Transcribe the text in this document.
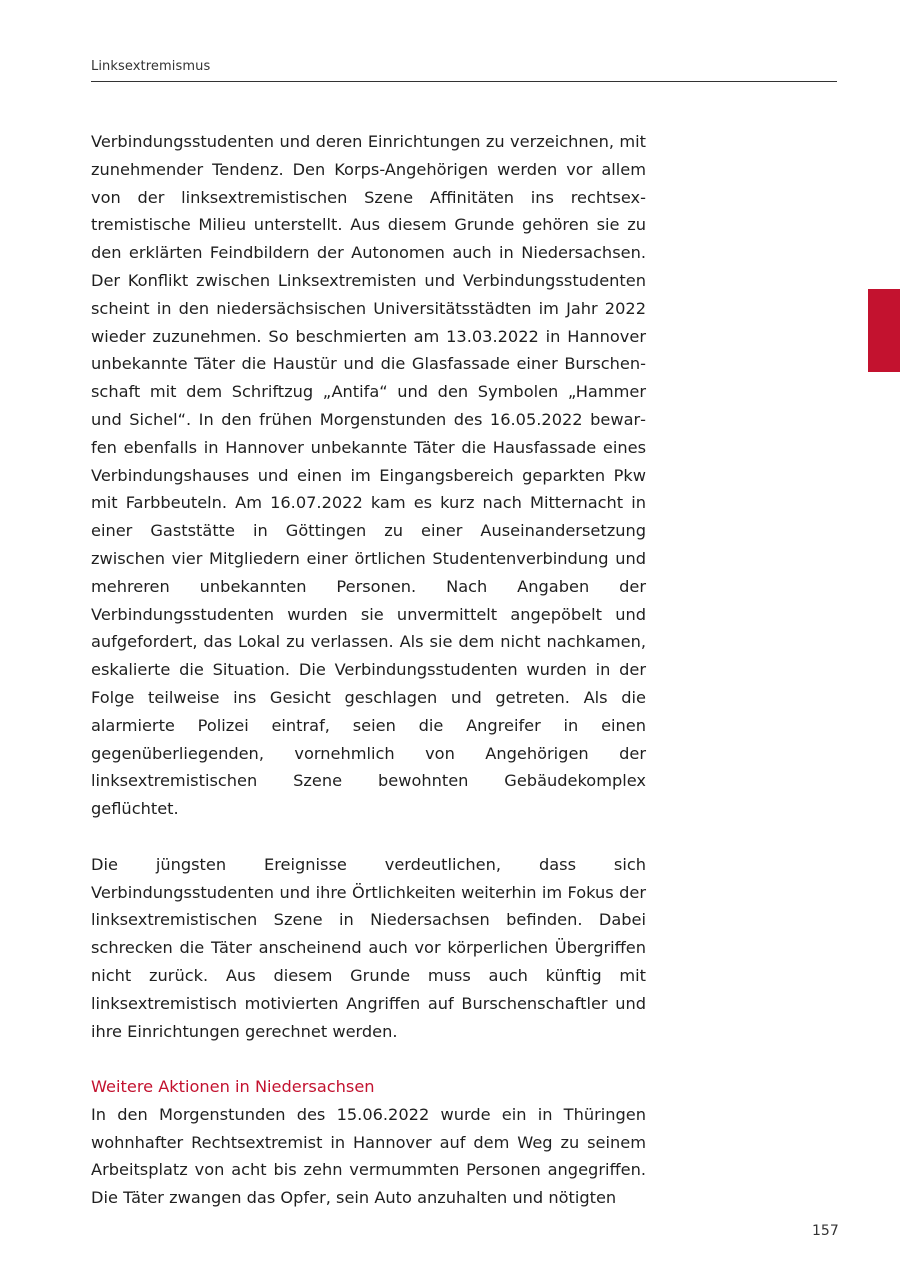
Linksextremismus

Verbindungsstudenten und deren Einrichtungen zu verzeichnen, mit zunehmender Tendenz. Den Korps-Angehörigen werden vor allem von der linksextremistischen Szene Affinitäten ins rechtsextremistische Milieu unterstellt. Aus diesem Grunde gehören sie zu den erklärten Feindbildern der Autonomen auch in Niedersachsen. Der Konflikt zwischen Linksextremisten und Verbindungsstudenten scheint in den niedersächsischen Universitätsstädten im Jahr 2022 wieder zuzunehmen. So beschmierten am 13.03.2022 in Hannover unbekannte Täter die Haustür und die Glasfassade einer Burschenschaft mit dem Schriftzug „Antifa“ und den Symbolen „Hammer und Sichel“. In den frühen Morgenstunden des 16.05.2022 bewarfen ebenfalls in Hannover unbekannte Täter die Hausfassade eines Verbindungshauses und einen im Eingangsbereich geparkten Pkw mit Farbbeuteln. Am 16.07.2022 kam es kurz nach Mitternacht in einer Gaststätte in Göttingen zu einer Auseinandersetzung zwischen vier Mitgliedern einer örtlichen Studentenverbindung und mehreren unbekannten Personen. Nach Angaben der Verbindungsstudenten wurden sie unvermittelt angepöbelt und aufgefordert, das Lokal zu verlassen. Als sie dem nicht nachkamen, eskalierte die Situation. Die Verbindungsstudenten wurden in der Folge teilweise ins Gesicht geschlagen und getreten. Als die alarmierte Polizei eintraf, seien die Angreifer in einen gegenüberliegenden, vornehmlich von Angehörigen der linksextremistischen Szene bewohnten Gebäudekomplex geflüchtet.

Die jüngsten Ereignisse verdeutlichen, dass sich Verbindungsstudenten und ihre Örtlichkeiten weiterhin im Fokus der linksextremistischen Szene in Niedersachsen befinden. Dabei schrecken die Täter anscheinend auch vor körperlichen Übergriffen nicht zurück. Aus diesem Grunde muss auch künftig mit linksextremistisch motivierten Angriffen auf Burschenschaftler und ihre Einrichtungen gerechnet werden.

Weitere Aktionen in Niedersachsen

In den Morgenstunden des 15.06.2022 wurde ein in Thüringen wohnhafter Rechtsextremist in Hannover auf dem Weg zu seinem Arbeitsplatz von acht bis zehn vermummten Personen angegriffen. Die Täter zwangen das Opfer, sein Auto anzuhalten und nötigten

157
